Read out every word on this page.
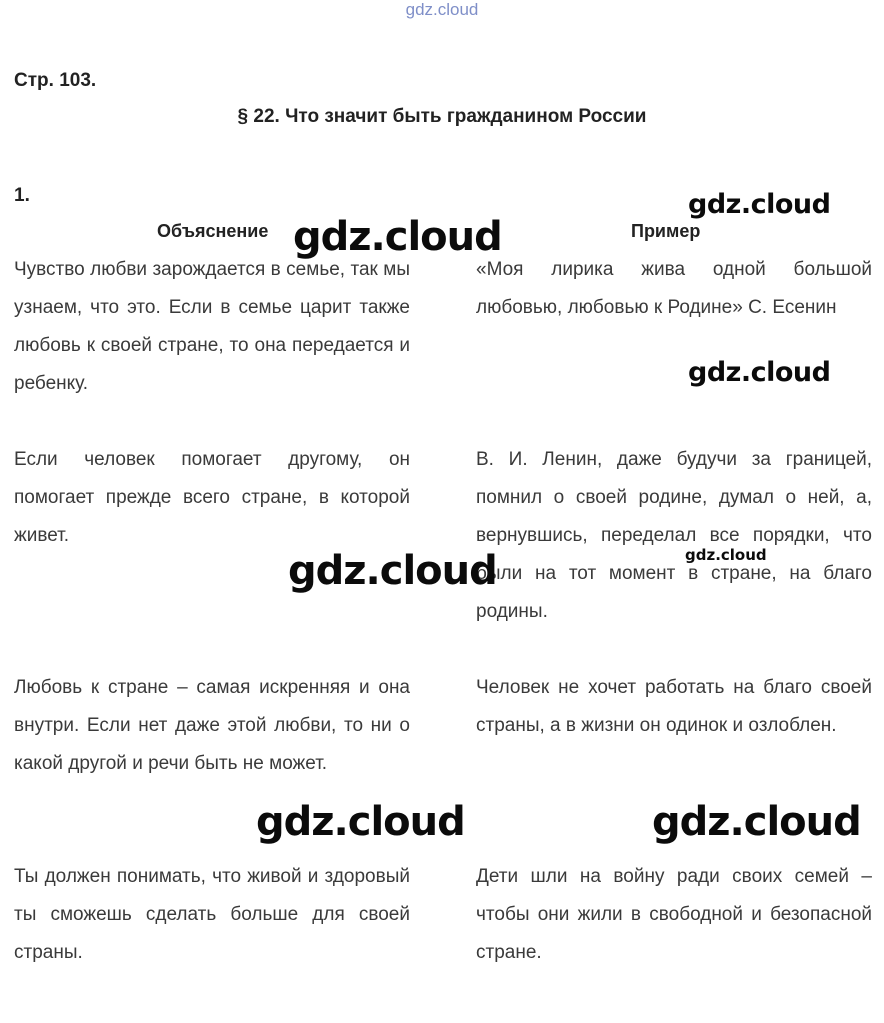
gdz.cloud
Стр. 103.
§ 22. Что значит быть гражданином России
1.
Объяснение	Пример

Чувство любви зарождается в семье, так мы узнаем, что это. Если в семье царит также любовь к своей стране, то она передается и ребенку.

«Моя лирика жива одной большой любовью, любовью к Родине» С. Есенин

Если человек помогает другому, он помогает прежде всего стране, в которой живет.

В. И. Ленин, даже будучи за границей, помнил о своей родине, думал о ней, а, вернувшись, переделал все порядки, что были на тот момент в стране, на благо родины.

Любовь к стране – самая искренняя и она внутри. Если нет даже этой любви, то ни о какой другой и речи быть не может.

Человек не хочет работать на благо своей страны, а в жизни он одинок и озлоблен.

Ты должен понимать, что живой и здоровый ты сможешь сделать больше для своей страны.

Дети шли на войну ради своих семей – чтобы они жили в свободной и безопасной стране.

gdz.cloud
gdz.cloud
gdz.cloud
gdz.cloud
gdz.cloud
gdz.cloud	gdz.cloud
